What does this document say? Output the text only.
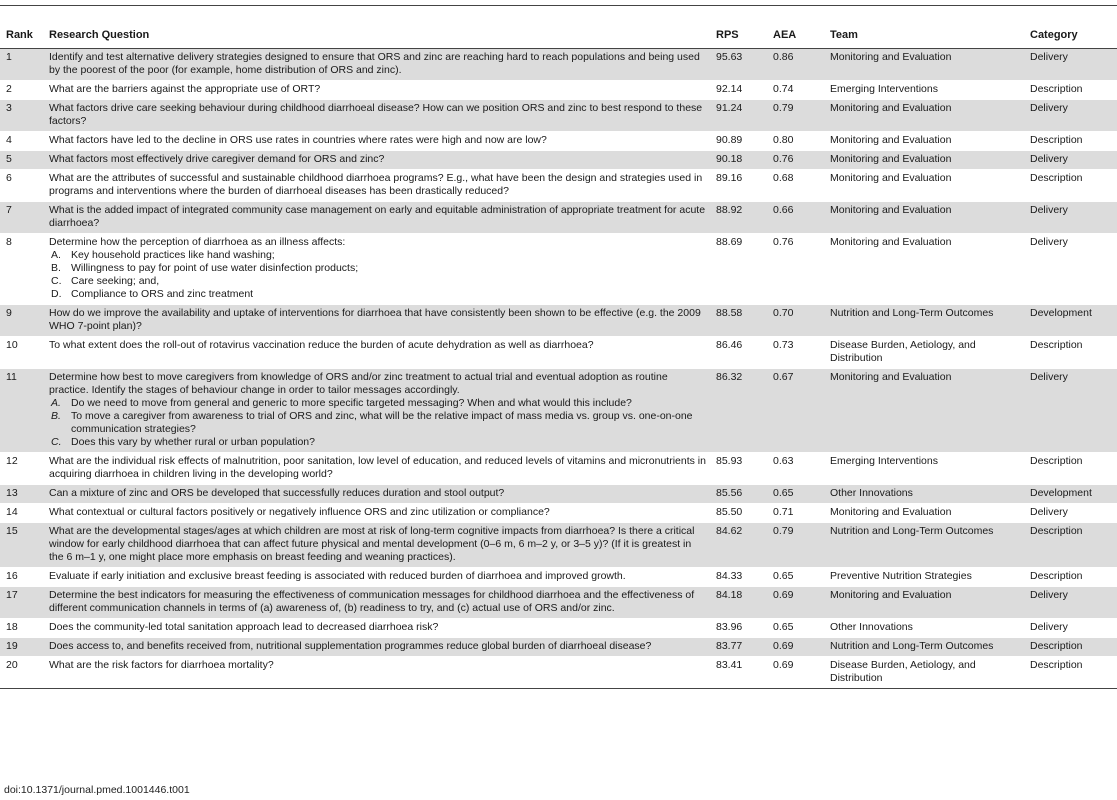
Rank	Research Question	RPS	AEA	Team	Category
1	Identify and test alternative delivery strategies designed to ensure that ORS and zinc are reaching hard to reach populations and being used by the poorest of the poor (for example, home distribution of ORS and zinc).	95.63	0.86	Monitoring and Evaluation	Delivery
2	What are the barriers against the appropriate use of ORT?	92.14	0.74	Emerging Interventions	Description
3	What factors drive care seeking behaviour during childhood diarrhoeal disease? How can we position ORS and zinc to best respond to these factors?	91.24	0.79	Monitoring and Evaluation	Delivery
4	What factors have led to the decline in ORS use rates in countries where rates were high and now are low?	90.89	0.80	Monitoring and Evaluation	Description
5	What factors most effectively drive caregiver demand for ORS and zinc?	90.18	0.76	Monitoring and Evaluation	Delivery
6	What are the attributes of successful and sustainable childhood diarrhoea programs? E.g., what have been the design and strategies used in programs and interventions where the burden of diarrhoeal diseases has been drastically reduced?	89.16	0.68	Monitoring and Evaluation	Description
7	What is the added impact of integrated community case management on early and equitable administration of appropriate treatment for acute diarrhoea?	88.92	0.66	Monitoring and Evaluation	Delivery
8	Determine how the perception of diarrhoea as an illness affects:
A. Key household practices like hand washing;
B. Willingness to pay for point of use water disinfection products;
C. Care seeking; and,
D. Compliance to ORS and zinc treatment	88.69	0.76	Monitoring and Evaluation	Delivery
9	How do we improve the availability and uptake of interventions for diarrhoea that have consistently been shown to be effective (e.g. the 2009 WHO 7-point plan)?	88.58	0.70	Nutrition and Long-Term Outcomes	Development
10	To what extent does the roll-out of rotavirus vaccination reduce the burden of acute dehydration as well as diarrhoea?	86.46	0.73	Disease Burden, Aetiology, and Distribution	Description
11	Determine how best to move caregivers from knowledge of ORS and/or zinc treatment to actual trial and eventual adoption as routine practice. Identify the stages of behaviour change in order to tailor messages accordingly.
A. Do we need to move from general and generic to more specific targeted messaging? When and what would this include?
B. To move a caregiver from awareness to trial of ORS and zinc, what will be the relative impact of mass media vs. group vs. one-on-one communication strategies?
C. Does this vary by whether rural or urban population?	86.32	0.67	Monitoring and Evaluation	Delivery
12	What are the individual risk effects of malnutrition, poor sanitation, low level of education, and reduced levels of vitamins and micronutrients in acquiring diarrhoea in children living in the developing world?	85.93	0.63	Emerging Interventions	Description
13	Can a mixture of zinc and ORS be developed that successfully reduces duration and stool output?	85.56	0.65	Other Innovations	Development
14	What contextual or cultural factors positively or negatively influence ORS and zinc utilization or compliance?	85.50	0.71	Monitoring and Evaluation	Delivery
15	What are the developmental stages/ages at which children are most at risk of long-term cognitive impacts from diarrhoea? Is there a critical window for early childhood diarrhoea that can affect future physical and mental development (0–6 m, 6 m–2 y, or 3–5 y)? (If it is greatest in the 6 m–1 y, one might place more emphasis on breast feeding and weaning practices).	84.62	0.79	Nutrition and Long-Term Outcomes	Description
16	Evaluate if early initiation and exclusive breast feeding is associated with reduced burden of diarrhoea and improved growth.	84.33	0.65	Preventive Nutrition Strategies	Description
17	Determine the best indicators for measuring the effectiveness of communication messages for childhood diarrhoea and the effectiveness of different communication channels in terms of (a) awareness of, (b) readiness to try, and (c) actual use of ORS and/or zinc.	84.18	0.69	Monitoring and Evaluation	Delivery
18	Does the community-led total sanitation approach lead to decreased diarrhoea risk?	83.96	0.65	Other Innovations	Delivery
19	Does access to, and benefits received from, nutritional supplementation programmes reduce global burden of diarrhoeal disease?	83.77	0.69	Nutrition and Long-Term Outcomes	Description
20	What are the risk factors for diarrhoea mortality?	83.41	0.69	Disease Burden, Aetiology, and Distribution	Description
doi:10.1371/journal.pmed.1001446.t001
